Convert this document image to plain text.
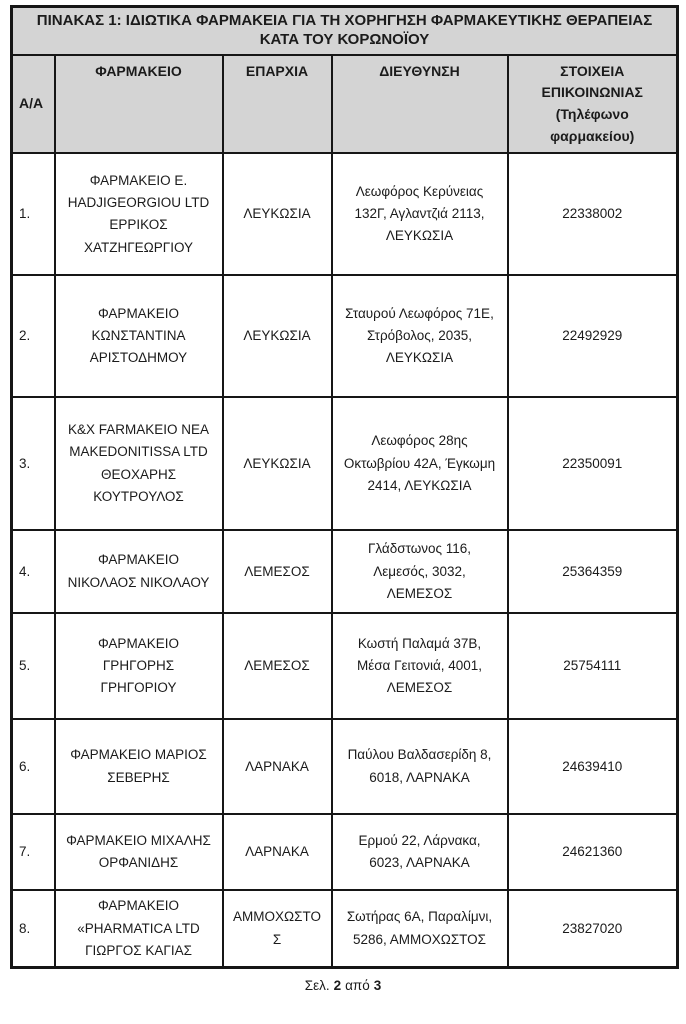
ΠΙΝΑΚΑΣ 1: ΙΔΙΩΤΙΚΑ ΦΑΡΜΑΚΕΙΑ ΓΙΑ ΤΗ ΧΟΡΗΓΗΣΗ ΦΑΡΜΑΚΕΥΤΙΚΗΣ ΘΕΡΑΠΕΙΑΣ ΚΑΤΑ ΤΟΥ ΚΟΡΩΝΟΪΟΥ				
Α/Α	ΦΑΡΜΑΚΕΙΟ	ΕΠΑΡΧΙΑ	ΔΙΕΥΘΥΝΣΗ	ΣΤΟΙΧΕΙΑ ΕΠΙΚΟΙΝΩΝΙΑΣ (Τηλέφωνο φαρμακείου)
1.	ΦΑΡΜΑΚΕΙΟ Ε. HADJIGEORGIOU LTD ΕΡΡΙΚΟΣ ΧΑΤΖΗΓΕΩΡΓΙΟΥ	ΛΕΥΚΩΣΙΑ	Λεωφόρος Κερύνειας 132Γ, Αγλαντζιά 2113, ΛΕΥΚΩΣΙΑ	22338002
2.	ΦΑΡΜΑΚΕΙΟ ΚΩΝΣΤΑΝΤΙΝΑ ΑΡΙΣΤΟΔΗΜΟΥ	ΛΕΥΚΩΣΙΑ	Σταυρού Λεωφόρος 71Ε, Στρόβολος, 2035, ΛΕΥΚΩΣΙΑ	22492929
3.	K&X FARMAKEIO ΝΕΑ MAKEDONITISSA LTD ΘΕΟΧΑΡΗΣ ΚΟΥΤΡΟΥΛΟΣ	ΛΕΥΚΩΣΙΑ	Λεωφόρος 28ης Οκτωβρίου 42Α, Έγκωμη 2414, ΛΕΥΚΩΣΙΑ	22350091
4.	ΦΑΡΜΑΚΕΙΟ ΝΙΚΟΛΑΟΣ ΝΙΚΟΛΑΟΥ	ΛΕΜΕΣΟΣ	Γλάδστωνος 116, Λεμεσός, 3032, ΛΕΜΕΣΟΣ	25364359
5.	ΦΑΡΜΑΚΕΙΟ ΓΡΗΓΟΡΗΣ ΓΡΗΓΟΡΙΟΥ	ΛΕΜΕΣΟΣ	Κωστή Παλαμά 37Β, Μέσα Γειτονιά, 4001, ΛΕΜΕΣΟΣ	25754111
6.	ΦΑΡΜΑΚΕΙΟ ΜΑΡΙΟΣ ΣΕΒΕΡΗΣ	ΛΑΡΝΑΚΑ	Παύλου Βαλδασερίδη 8, 6018, ΛΑΡΝΑΚΑ	24639410
7.	ΦΑΡΜΑΚΕΙΟ ΜΙΧΑΛΗΣ ΟΡΦΑΝΙΔΗΣ	ΛΑΡΝΑΚΑ	Ερμού 22, Λάρνακα, 6023, ΛΑΡΝΑΚΑ	24621360
8.	ΦΑΡΜΑΚΕΙΟ «PHARMATICA LTD ΓΙΩΡΓΟΣ ΚΑΓΙΑΣ	ΑΜΜΟΧΩΣΤΟΣ	Σωτήρας 6Α, Παραλίμνι, 5286, ΑΜΜΟΧΩΣΤΟΣ	23827020
Σελ. 2 από 3
